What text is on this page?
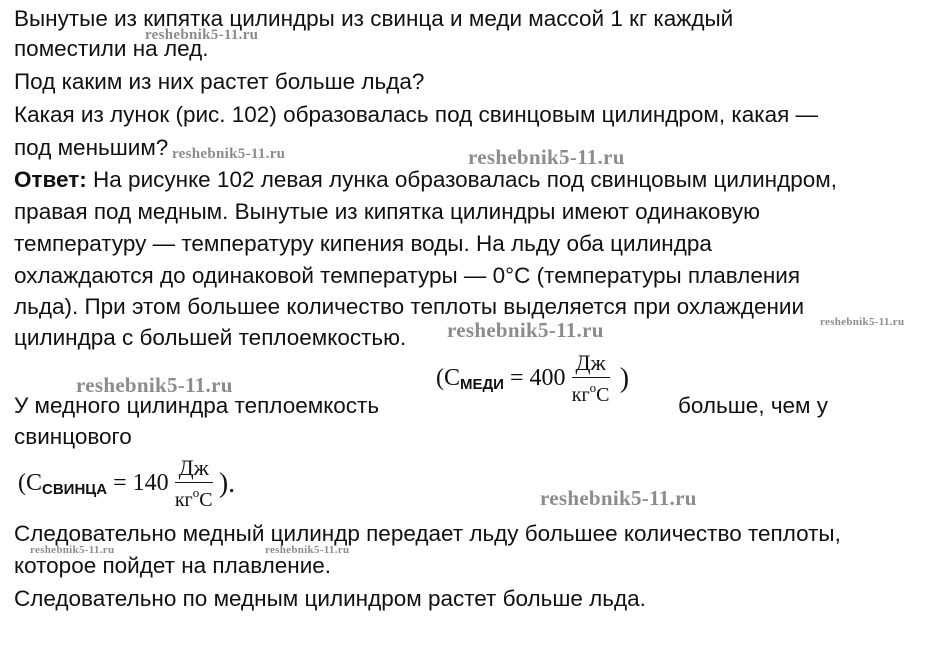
Вынутые из кипятка цилиндры из свинца и меди массой 1 кг каждый
поместили на лед.
Под каким из них растет больше льда?
Какая из лунок (рис. 102) образовалась под свинцовым цилиндром, какая —
под меньшим?
Ответ: На рисунке 102 левая лунка образовалась под свинцовым цилиндром,
правая под медным. Вынутые из кипятка цилиндры имеют одинаковую
температуру — температуру кипения воды. На льду оба цилиндра
охлаждаются до одинаковой температуры — 0°С (температуры плавления
льда). При этом большее количество теплоты выделяется при охлаждении
цилиндра с большей теплоемкостью.
У медного цилиндра теплоемкость	больше, чем у
свинцового
Следовательно медный цилиндр передает льду большее количество теплоты,
которое пойдет на плавление.
Следовательно по медным цилиндром растет больше льда.
(C МЕДИ = $400 \frac{Дж}{кг^oC}$ )
(C СВИНЦА = $140 \frac{Дж}{кг^oC}$ ).
reshebnik5-11.ru
reshebnik5-11.ru	reshebnik5-11.ru
reshebnik5-11.ru	reshebnik5-11.ru
reshebnik5-11.ru
reshebnik5-11.ru
reshebnik5-11.ru	reshebnik5-11.ru
